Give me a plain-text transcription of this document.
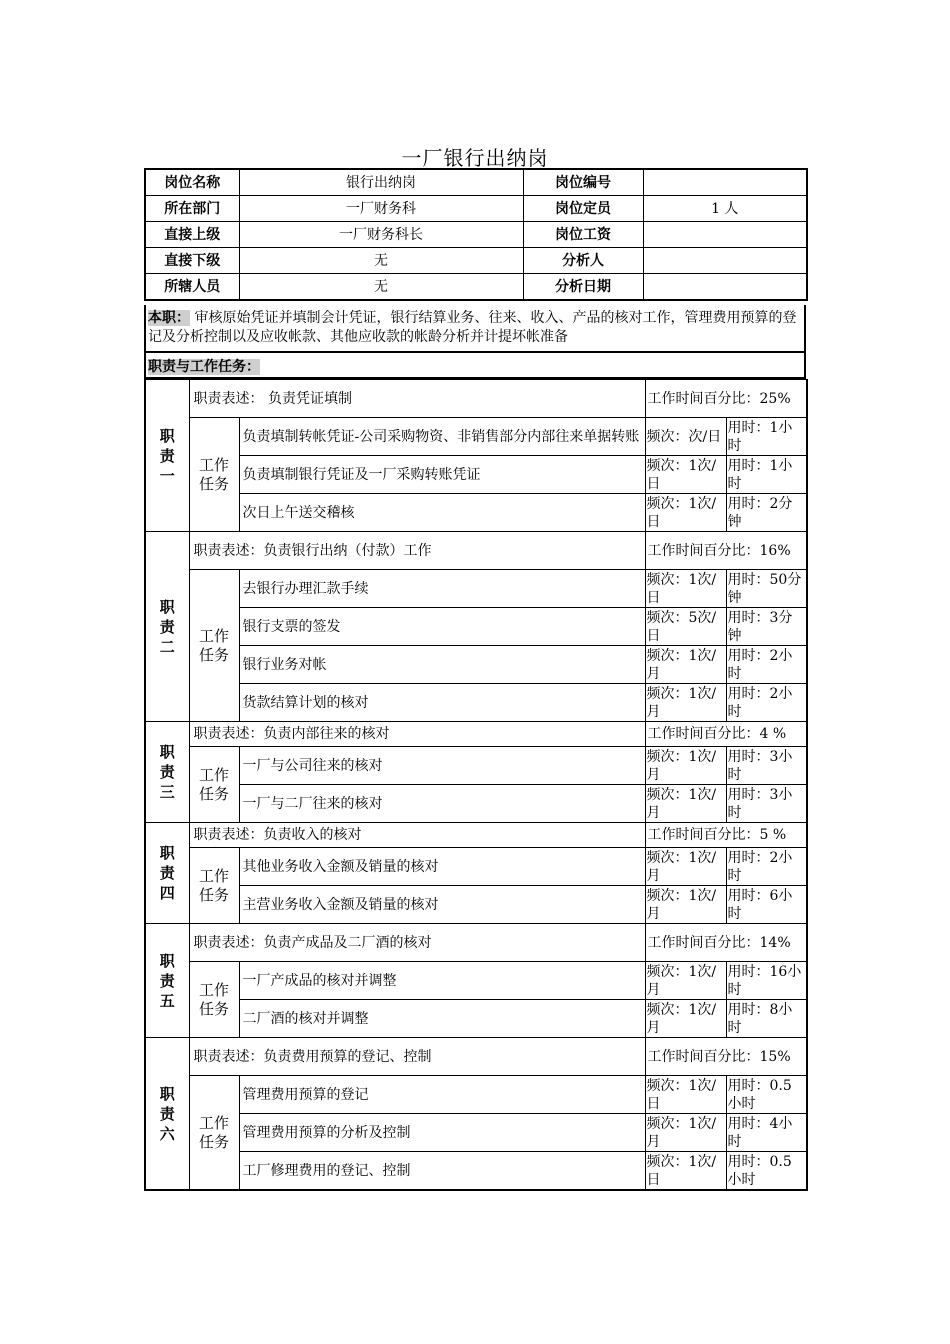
一厂银行出纳岗
岗位名称	银行出纳岗	岗位编号	
所在部门	一厂财务科	岗位定员	1 人
直接上级	一厂财务科长	岗位工资	
直接下级	无	分析人	
所辖人员	无	分析日期	
本职： 审核原始凭证并填制会计凭证，银行结算业务、往来、收入、产品的核对工作，管理费用预算的登记及分析控制以及应收帐款、其他应收款的帐龄分析并计提坏帐准备
职责与工作任务：
职责一	职责表述： 负责凭证填制		工作时间百分比：25%	
	工作任务	负责填制转帐凭证-公司采购物资、非销售部分内部往来单据转账	频次：次/日	用时：1小时
		负责填制银行凭证及一厂采购转账凭证	频次：1次/日	用时：1小时
		次日上午送交稽核	频次：1次/日	用时：2分钟
职责二	职责表述：负责银行出纳（付款）工作		工作时间百分比：16%	
	工作任务	去银行办理汇款手续	频次：1次/日	用时：50分钟
		银行支票的签发	频次：5次/日	用时：3分钟
		银行业务对帐	频次：1次/月	用时：2小时
		货款结算计划的核对	频次：1次/月	用时：2小时
职责三	职责表述：负责内部往来的核对		工作时间百分比：4 %	
	工作任务	一厂与公司往来的核对	频次：1次/月	用时：3小时
		一厂与二厂往来的核对	频次：1次/月	用时：3小时
职责四	职责表述：负责收入的核对		工作时间百分比：5 %	
	工作任务	其他业务收入金额及销量的核对	频次：1次/月	用时：2小时
		主营业务收入金额及销量的核对	频次：1次/月	用时：6小时
职责五	职责表述：负责产成品及二厂酒的核对		工作时间百分比：14%	
	工作任务	一厂产成品的核对并调整	频次：1次/月	用时：16小时
		二厂酒的核对并调整	频次：1次/月	用时：8小时
职责六	职责表述：负责费用预算的登记、控制		工作时间百分比：15%	
	工作任务	管理费用预算的登记	频次：1次/日	用时：0.5小时
		管理费用预算的分析及控制	频次：1次/月	用时：4小时
		工厂修理费用的登记、控制	频次：1次/日	用时：0.5小时
